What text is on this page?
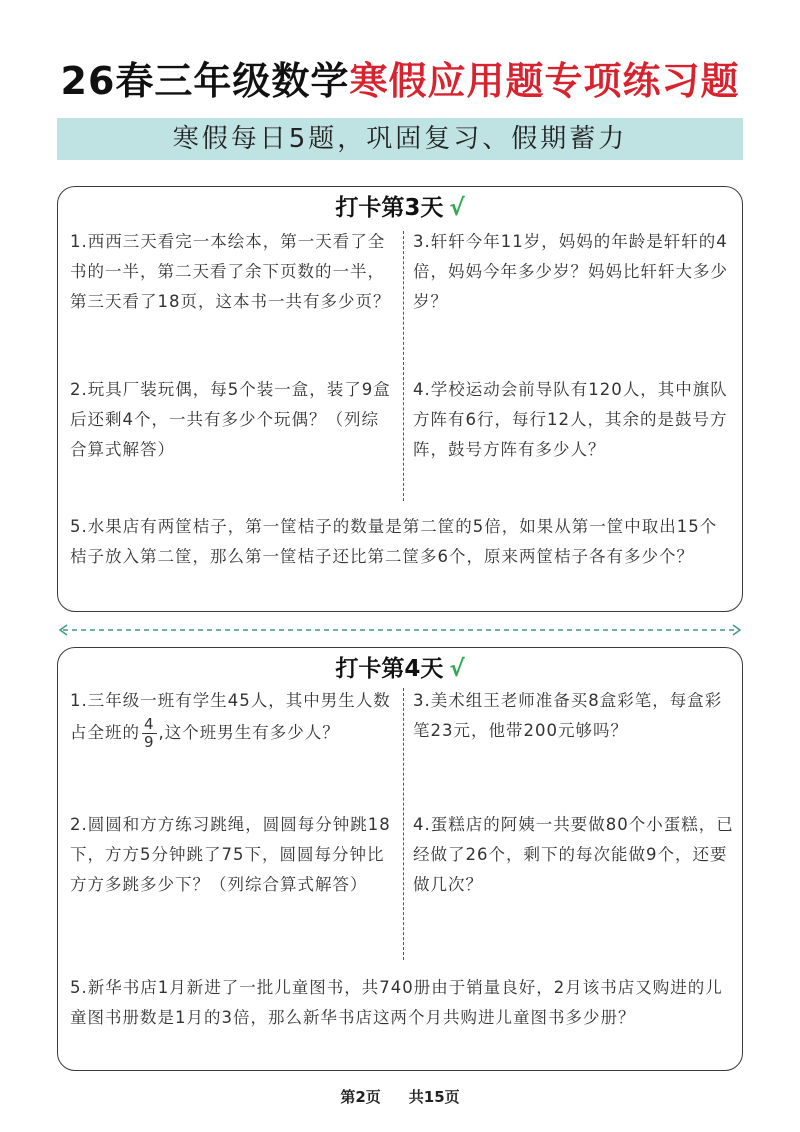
26春三年级数学寒假应用题专项练习题
寒假每日5题，巩固复习、假期蓄力
打卡第3天 √
1.西西三天看完一本绘本，第一天看了全书的一半，第二天看了余下页数的一半，第三天看了18页，这本书一共有多少页？
3.轩轩今年11岁，妈妈的年龄是轩轩的4倍，妈妈今年多少岁？妈妈比轩轩大多少岁？
2.玩具厂装玩偶，每5个装一盒，装了9盒后还剩4个，一共有多少个玩偶？（列综合算式解答）
4.学校运动会前导队有120人，其中旗队方阵有6行，每行12人，其余的是鼓号方阵，鼓号方阵有多少人？
5.水果店有两筐桔子，第一筐桔子的数量是第二筐的5倍，如果从第一筐中取出15个桔子放入第二筐，那么第一筐桔子还比第二筐多6个，原来两筐桔子各有多少个？
打卡第4天 √
1.三年级一班有学生45人，其中男生人数占全班的 $\frac{4}{9}$ ,这个班男生有多少人？
3.美术组王老师准备买8盒彩笔，每盒彩笔23元，他带200元够吗？
2.圆圆和方方练习跳绳，圆圆每分钟跳18下，方方5分钟跳了75下，圆圆每分钟比方方多跳多少下？（列综合算式解答）
4.蛋糕店的阿姨一共要做80个小蛋糕，已经做了26个，剩下的每次能做9个，还要做几次？
5.新华书店1月新进了一批儿童图书，共740册由于销量良好，2月该书店又购进的儿童图书册数是1月的3倍，那么新华书店这两个月共购进儿童图书多少册？
第2页 共15页
